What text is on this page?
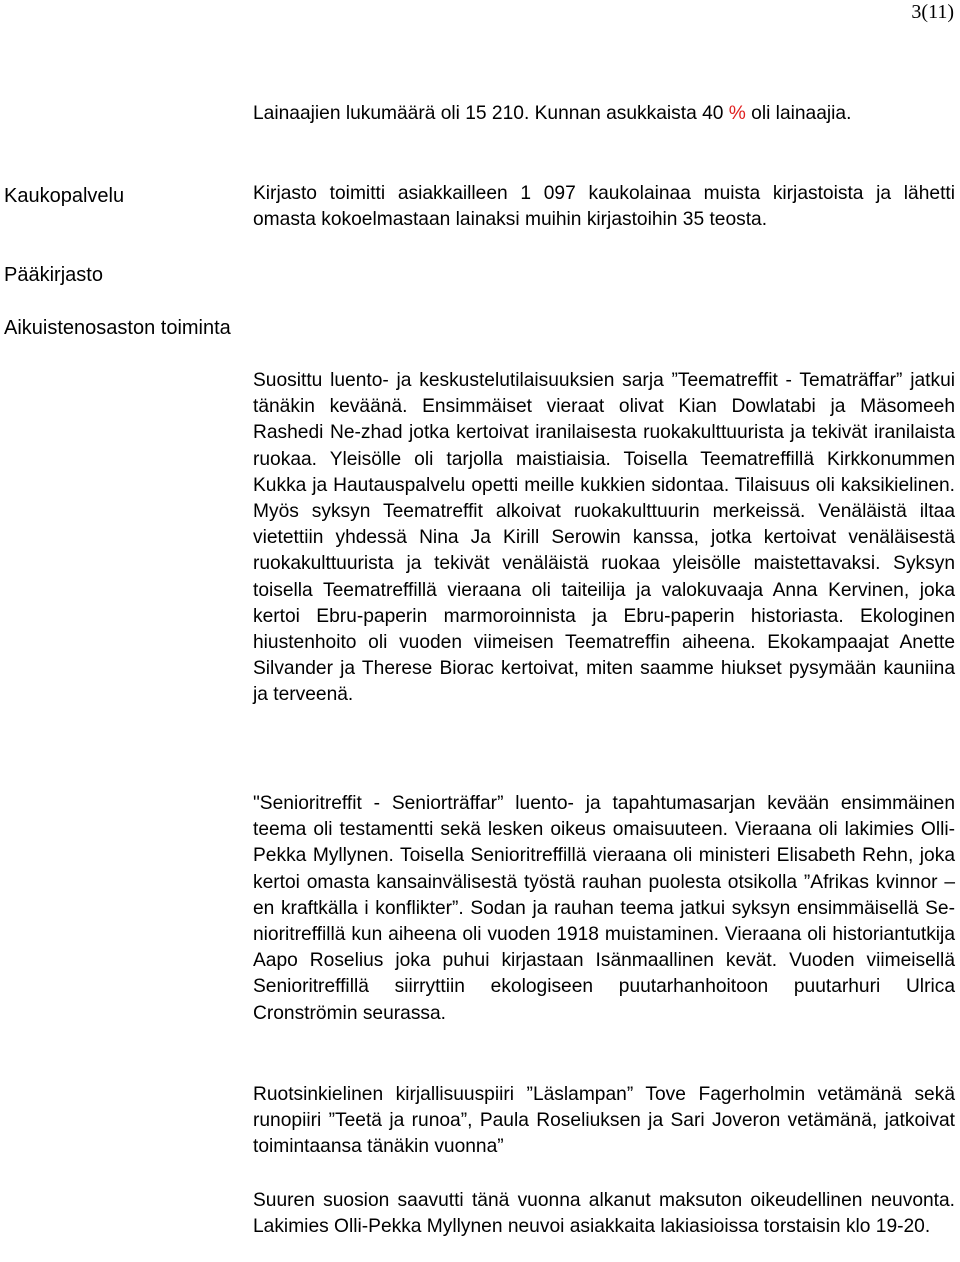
3(11)
Lainaajien lukumäärä oli 15 210. Kunnan asukkaista 40 % oli lainaajia.
Kaukopalvelu	Kirjasto toimitti asiakkailleen 1 097 kaukolainaa muista kirjastoista ja lähetti omasta kokoelmastaan lainaksi muihin kirjastoihin 35 teosta.
Pääkirjasto
Aikuistenosaston toiminta
Suosittu luento- ja keskustelutilaisuuksien sarja ”Teematreffit - Tematräffar” jatkui tänäkin keväänä. Ensimmäiset vieraat olivat Kian Dowlatabi ja Mäsomeeh Rashedi Ne-zhad jotka kertoivat iranilaisesta ruokakulttuurista ja tekivät iranilaista ruokaa. Yleisölle oli tarjolla maistiaisia. Toisella Teematreffillä Kirkkonummen Kukka ja Hautauspalvelu opetti meille kukkien sidontaa. Tilaisuus oli kaksikielinen. Myös syksyn Teematreffit alkoivat ruokakulttuurin merkeissä. Venäläistä iltaa vietettiin yhdessä Nina Ja Kirill Serowin kanssa, jotka kertoivat venäläisestä ruokakulttuurista ja tekivät venäläistä ruokaa yleisölle maistettavaksi. Syksyn toisella Teematreffillä vieraana oli taiteilija ja valokuvaaja Anna Kervinen, joka kertoi Ebru-paperin marmoroinnista ja Ebru-paperin historiasta. Ekologinen hiustenhoito oli vuoden viimeisen Teematreffin aiheena. Ekokampaajat Anette Silvander ja Therese Biorac kertoivat, miten saamme hiukset pysymään kauniina ja terveenä.
"Senioritreffit - Seniorträffar” luento- ja tapahtumasarjan kevään ensimmäinen teema oli testamentti sekä lesken oikeus omaisuuteen. Vieraana oli lakimies Olli-Pekka Myllynen. Toisella Senioritreffillä vieraana oli ministeri Elisabeth Rehn, joka kertoi omasta kansainvälisestä työstä rauhan puolesta otsikolla ”Afrikas kvinnor – en kraftkälla i konflikter”. Sodan ja rauhan teema jatkui syksyn ensimmäisellä Senioritreffillä kun aiheena oli vuoden 1918 muistaminen. Vieraana oli historiantutkija Aapo Roselius joka puhui kirjastaan Isänmaallinen kevät. Vuoden viimeisellä Senioritreffillä siirryttiin ekologiseen puutarhanhoitoon puutarhuri Ulrica Cronströmin seurassa.
Ruotsinkielinen kirjallisuuspiiri ”Läslampan” Tove Fagerholmin vetämänä sekä runopiiri ”Teetä ja runoa”, Paula Roseliuksen ja Sari Joveron vetämänä, jatkoivat toimintaansa tänäkin vuonna”
Suuren suosion saavutti tänä vuonna alkanut maksuton oikeudellinen neuvonta. Lakimies Olli-Pekka Myllynen neuvoi asiakkaita lakiasioissa torstaisin klo 19-20.
